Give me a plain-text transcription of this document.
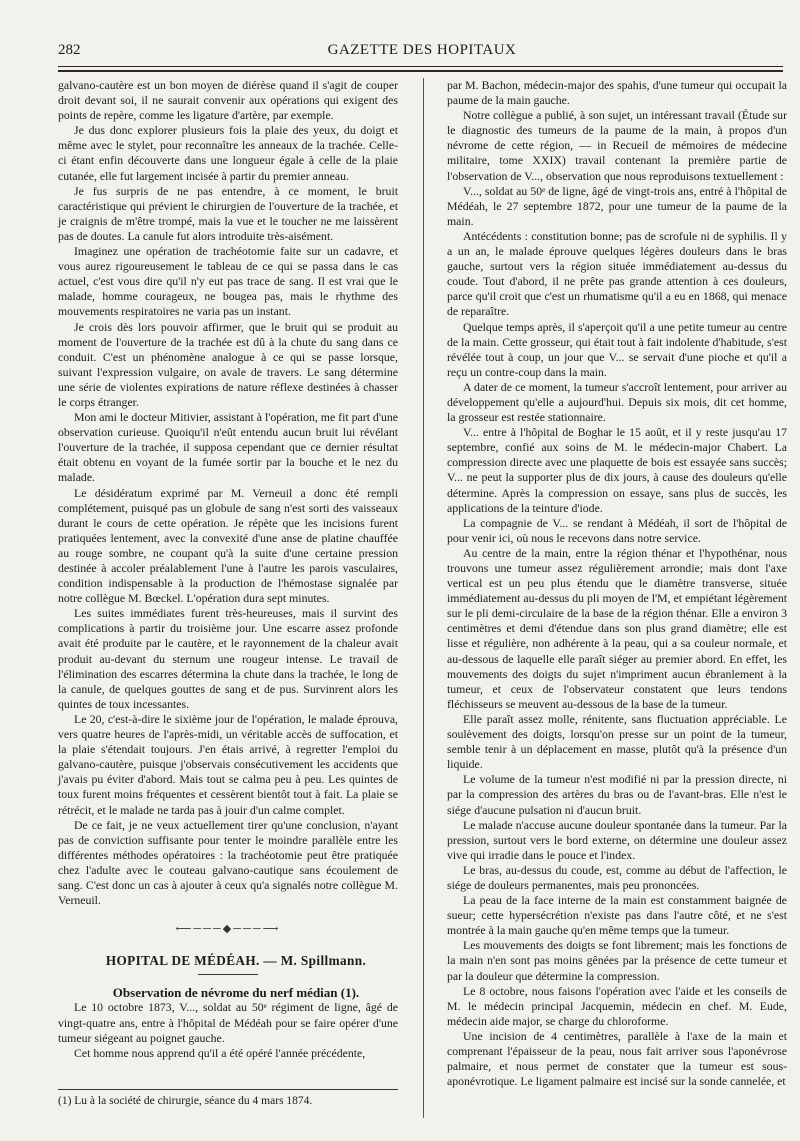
282	GAZETTE DES HOPITAUX

galvano-cautère est un bon moyen de diérèse quand il s'agit de couper droit devant soi, il ne saurait convenir aux opérations qui exigent des points de repère, comme les ligature d'artère, par exemple.

Je dus donc explorer plusieurs fois la plaie des yeux, du doigt et même avec le stylet, pour reconnaître les anneaux de la trachée. Celle-ci étant enfin découverte dans une longueur égale à celle de la plaie cutanée, elle fut largement incisée à partir du premier anneau.

Je fus surpris de ne pas entendre, à ce moment, le bruit caractéristique qui prévient le chirurgien de l'ouverture de la trachée, et je craignis de m'être trompé, mais la vue et le toucher ne me laissèrent pas de doutes. La canule fut alors introduite très-aisément.

Imaginez une opération de trachéotomie faite sur un cadavre, et vous aurez rigoureusement le tableau de ce qui se passa dans le cas actuel, c'est vous dire qu'il n'y eut pas trace de sang. Il est vrai que le malade, homme courageux, ne bougea pas, mais le rhythme des mouvements respiratoires ne varia pas un instant.

Je crois dès lors pouvoir affirmer, que le bruit qui se produit au moment de l'ouverture de la trachée est dû à la chute du sang dans ce conduit. C'est un phénomène analogue à ce qui se passe lorsque, suivant l'expression vulgaire, on avale de travers. Le sang détermine une série de violentes expirations de nature réflexe destinées à chasser le corps étranger.

Mon ami le docteur Mitivier, assistant à l'opération, me fit part d'une observation curieuse. Quoiqu'il n'eût entendu aucun bruit lui révélant l'ouverture de la trachée, il supposa cependant que ce dernier résultat était obtenu en voyant de la fumée sortir par la bouche et le nez du malade.

Le désidératum exprimé par M. Verneuil a donc été rempli complétement, puisqué pas un globule de sang n'est sorti des vaisseaux durant le cours de cette opération. Je répète que les incisions furent pratiquées lentement, avec la convexité d'une anse de platine chauffée au rouge sombre, ne coupant qu'à la suite d'une certaine pression destinée à accoler préalablement l'une à l'autre les parois vasculaires, condition indispensable à la production de l'hémostase signalée par notre collègue M. Bœckel. L'opération dura sept minutes.

Les suites immédiates furent très-heureuses, mais il survint des complications à partir du troisième jour. Une escarre assez profonde avait été produite par le cautère, et le rayonnement de la chaleur avait produit au-devant du sternum une rougeur intense. Le travail de l'élimination des escarres détermina la chute dans la trachée, le long de la canule, de quelques gouttes de sang et de pus. Survinrent alors les quintes de toux incessantes.

Le 20, c'est-à-dire le sixième jour de l'opération, le malade éprouva, vers quatre heures de l'après-midi, un véritable accès de suffocation, et la plaie s'étendait toujours. J'en étais arrivé, à regretter l'emploi du galvano-cautère, puisque j'observais consécutivement les accidents que j'avais pu éviter d'abord. Mais tout se calma peu à peu. Les quintes de toux furent moins fréquentes et cessèrent bientôt tout à fait. La plaie se rétrécit, et le malade ne tarda pas à jouir d'un calme complet.

De ce fait, je ne veux actuellement tirer qu'une conclusion, n'ayant pas de conviction suffisante pour tenter le moindre parallèle entre les différentes méthodes opératoires : la trachéotomie peut être pratiquée chez l'adulte avec le couteau galvano-cautique sans écoulement de sang. C'est donc un cas à ajouter à ceux qu'a signalés notre collègue M. Verneuil.

⟵───◆───⟶

HOPITAL DE MÉDÉAH. — M. Spillmann.

Observation de névrome du nerf médian (1).

Le 10 octobre 1873, V..., soldat au 50ᵉ régiment de ligne, âgé de vingt-quatre ans, entre à l'hôpital de Médéah pour se faire opérer d'une tumeur siégeant au poignet gauche.

Cet homme nous apprend qu'il a été opéré l'année précédente,

par M. Bachon, médecin-major des spahis, d'une tumeur qui occupait la paume de la main gauche.

Notre collègue a publié, à son sujet, un intéressant travail (Étude sur le diagnostic des tumeurs de la paume de la main, à propos d'un névrome de cette région, — in Recueil de mémoires de médecine militaire, tome XXIX) travail contenant la première partie de l'observation de V..., observation que nous reproduisons textuellement :

V..., soldat au 50ᵉ de ligne, âgé de vingt-trois ans, entré à l'hôpital de Médéah, le 27 septembre 1872, pour une tumeur de la paume de la main.

Antécédents : constitution bonne; pas de scrofule ni de syphilis. Il y a un an, le malade éprouve quelques légères douleurs dans le bras gauche, surtout vers la région située immédiatement au-dessus du coude. Tout d'abord, il ne prête pas grande attention à ces douleurs, parce qu'il croit que c'est un rhumatisme qu'il a eu en 1868, qui menace de reparaître.

Quelque temps après, il s'aperçoit qu'il a une petite tumeur au centre de la main. Cette grosseur, qui était tout à fait indolente d'habitude, s'est révélée tout à coup, un jour que V... se servait d'une pioche et qu'il a reçu un contre-coup dans la main.

A dater de ce moment, la tumeur s'accroît lentement, pour arriver au développement qu'elle a aujourd'hui. Depuis six mois, dit cet homme, la grosseur est restée stationnaire.

V... entre à l'hôpital de Boghar le 15 août, et il y reste jusqu'au 17 septembre, confié aux soins de M. le médecin-major Chabert. La compression directe avec une plaquette de bois est essayée sans succès; V... ne peut la supporter plus de dix jours, à cause des douleurs qu'elle détermine. Après la compression on essaye, sans plus de succès, les applications de la teinture d'iode.

La compagnie de V... se rendant à Médéah, il sort de l'hôpital de pour venir ici, où nous le recevons dans notre service.

Au centre de la main, entre la région thénar et l'hypothénar, nous trouvons une tumeur assez régulièrement arrondie; mais dont l'axe vertical est un peu plus étendu que le diamètre transverse, située immédiatement au-dessus du pli moyen de l'M, et empiétant légèrement sur le pli demi-circulaire de la base de la région thénar. Elle a environ 3 centimètres et demi d'étendue dans son plus grand diamètre; elle est lisse et régulière, non adhérente à la peau, qui a sa couleur normale, et au-dessous de laquelle elle paraît siéger au premier abord. En effet, les mouvements des doigts du sujet n'impriment aucun ébranlement à la tumeur, et ceux de l'observateur constatent que leurs tendons fléchisseurs se meuvent au-dessous de la base de la tumeur.

Elle paraît assez molle, rénitente, sans fluctuation appréciable. Le soulèvement des doigts, lorsqu'on presse sur un point de la tumeur, semble tenir à un déplacement en masse, plutôt qu'à la présence d'un liquide.

Le volume de la tumeur n'est modifié ni par la pression directe, ni par la compression des artères du bras ou de l'avant-bras. Elle n'est le siége d'aucune pulsation ni d'aucun bruit.

Le malade n'accuse aucune douleur spontanée dans la tumeur. Par la pression, surtout vers le bord externe, on détermine une douleur assez vive qui irradie dans le pouce et l'index.

Le bras, au-dessus du coude, est, comme au début de l'affection, le siége de douleurs permanentes, mais peu prononcées.

La peau de la face interne de la main est constamment baignée de sueur; cette hypersécrétion n'existe pas dans l'autre côté, et ne s'est montrée à la main gauche qu'en même temps que la tumeur.

Les mouvements des doigts se font librement; mais les fonctions de la main n'en sont pas moins gênées par la présence de cette tumeur et par la douleur que détermine la compression.

Le 8 octobre, nous faisons l'opération avec l'aide et les conseils de M. le médecin principal Jacquemin, médecin en chef. M. Eude, médecin aide major, se charge du chloroforme.

Une incision de 4 centimètres, parallèle à l'axe de la main et comprenant l'épaisseur de la peau, nous fait arriver sous l'aponévrose palmaire, et nous permet de constater que la tumeur est sous-aponévrotique. Le ligament palmaire est incisé sur la sonde cannelée, et

(1) Lu à la société de chirurgie, séance du 4 mars 1874.
